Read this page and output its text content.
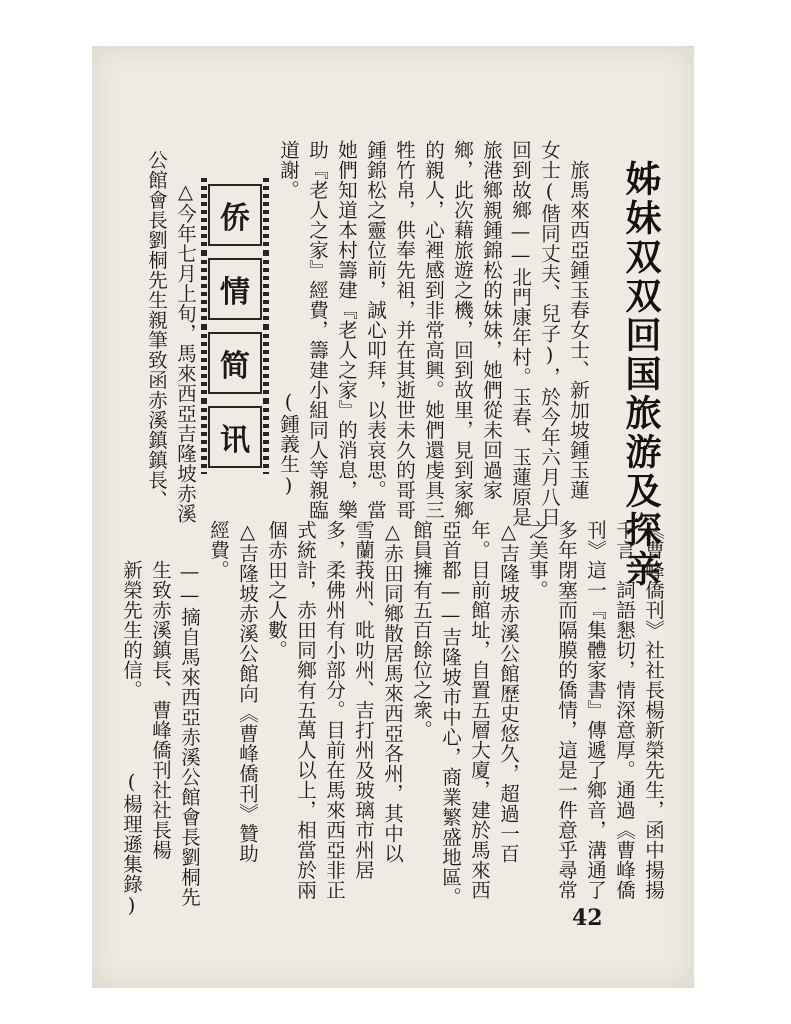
姊妹双双回国旅游及探亲
旅馬來西亞鍾玉春女士、新加坡鍾玉蓮
女士(偕同丈夫、兒子)，於今年六月八日
回到故鄉——北門康年村。玉春、玉蓮原是
旅港鄉親鍾錦松的妹妹，她們從未回過家
鄉，此次藉旅遊之機，回到故里，見到家鄉
的親人，心裡感到非常高興。她們還虔具三
牲竹帛，供奉先祖，并在其逝世未久的哥哥
鍾錦松之靈位前，誠心叩拜，以表哀思。當
她們知道本村籌建『老人之家』的消息，樂
助『老人之家』經費，籌建小組同人等親臨
道謝。　　　　　　　　　　(鍾義生)
侨
情
简
讯
△今年七月上旬，馬來西亞吉隆坡赤溪
公館會長劉桐先生親筆致函赤溪鎮鎮長、
《曹峰僑刊》社社長楊新榮先生，函中揚揚
千言，詞語懇切，情深意厚。通過《曹峰僑
刊》這一『集體家書』傳遞了鄉音，溝通了
多年閉塞而隔膜的僑情，這是一件意乎尋常
之美事。
△吉隆坡赤溪公館歷史悠久，超過一百
年。目前館址，自置五層大廈，建於馬來西
亞首都——吉隆坡市中心，商業繁盛地區。
館員擁有五百餘位之衆。
△赤田同鄉散居馬來西亞各州，其中以
雪蘭莪州、吡叻州、吉打州及玻璃市州居
多，柔佛州有小部分。目前在馬來西亞非正
式統計，赤田同鄉有五萬人以上，相當於兩
個赤田之人數。
△吉隆坡赤溪公館向《曹峰僑刊》贊助
經費。
——摘自馬來西亞赤溪公館會長劉桐先
生致赤溪鎮長、曹峰僑刊社社長楊
新榮先生的信。　　　　(楊理遜集錄)
42
